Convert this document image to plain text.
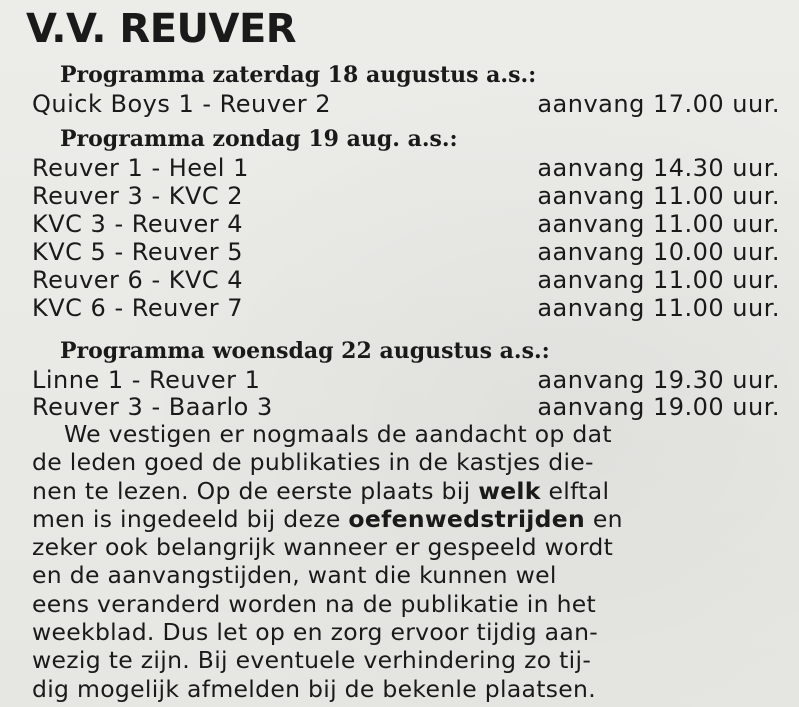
V.V. REUVER
Programma zaterdag 18 augustus a.s.:
Quick Boys 1 - Reuver 2	aanvang 17.00 uur.
Programma zondag 19 aug. a.s.:
Reuver 1 - Heel 1	aanvang 14.30 uur.
Reuver 3 - KVC 2	aanvang 11.00 uur.
KVC 3 - Reuver 4	aanvang 11.00 uur.
KVC 5 - Reuver 5	aanvang 10.00 uur.
Reuver 6 - KVC 4	aanvang 11.00 uur.
KVC 6 - Reuver 7	aanvang 11.00 uur.
Programma woensdag 22 augustus a.s.:
Linne 1 - Reuver 1	aanvang 19.30 uur.
Reuver 3 - Baarlo 3	aanvang 19.00 uur.
We vestigen er nogmaals de aandacht op dat
de leden goed de publikaties in de kastjes die-
nen te lezen. Op de eerste plaats bij welk elftal
men is ingedeeld bij deze oefenwedstrijden en
zeker ook belangrijk wanneer er gespeeld wordt
en de aanvangstijden, want die kunnen wel
eens veranderd worden na de publikatie in het
weekblad. Dus let op en zorg ervoor tijdig aan-
wezig te zijn. Bij eventuele verhindering zo tij-
dig mogelijk afmelden bij de bekenle plaatsen.
